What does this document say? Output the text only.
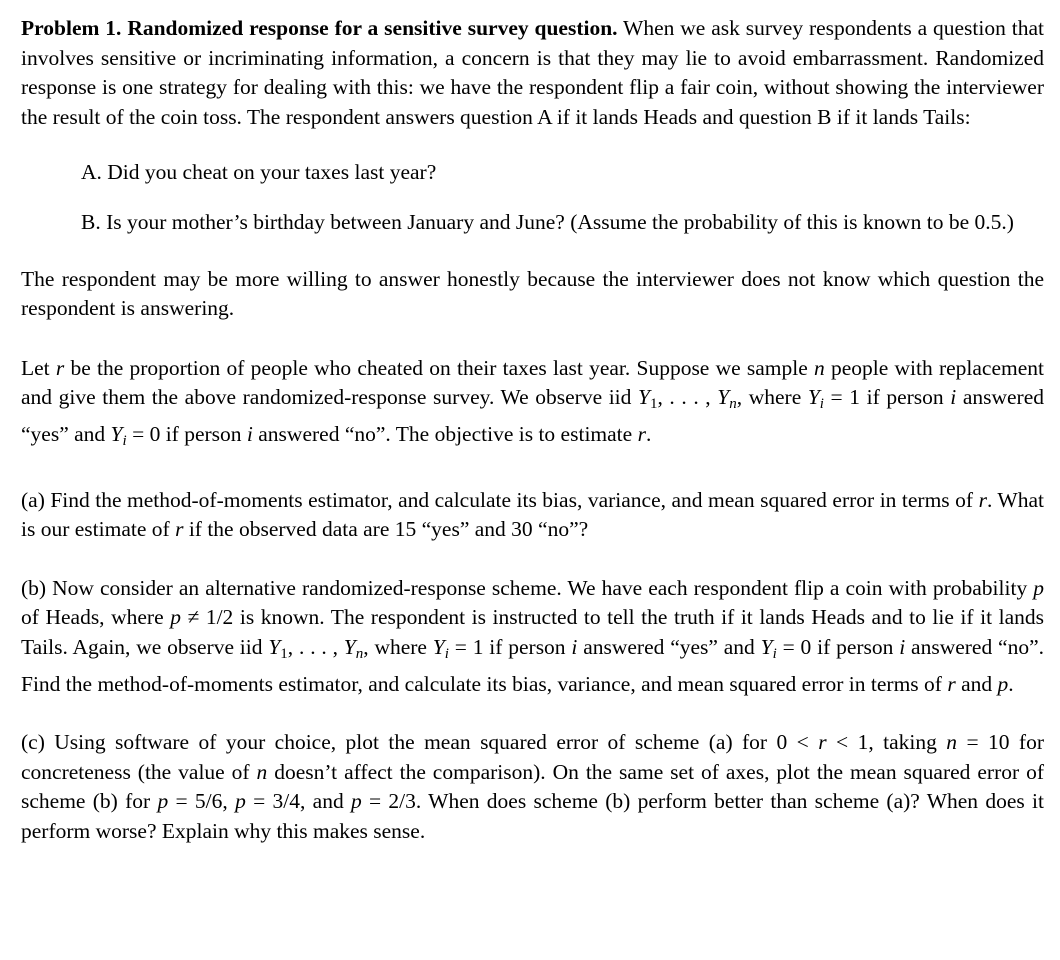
Problem 1. Randomized response for a sensitive survey question. When we ask survey respondents a question that involves sensitive or incriminating information, a concern is that they may lie to avoid embarrassment. Randomized response is one strategy for dealing with this: we have the respondent flip a fair coin, without showing the interviewer the result of the coin toss. The respondent answers question A if it lands Heads and question B if it lands Tails:

A. Did you cheat on your taxes last year?
B. Is your mother’s birthday between January and June? (Assume the probability of this is known to be 0.5.)

The respondent may be more willing to answer honestly because the interviewer does not know which question the respondent is answering.

Let r be the proportion of people who cheated on their taxes last year. Suppose we sample n people with replacement and give them the above randomized-response survey. We observe iid $Y_1$, . . . , $Y_n$, where $Y_i = 1$ if person i answered “yes” and $Y_i = 0$ if person i answered “no”. The objective is to estimate r.

(a) Find the method-of-moments estimator, and calculate its bias, variance, and mean squared error in terms of r. What is our estimate of r if the observed data are 15 “yes” and 30 “no”?

(b) Now consider an alternative randomized-response scheme. We have each respondent flip a coin with probability p of Heads, where p ≠ 1/2 is known. The respondent is instructed to tell the truth if it lands Heads and to lie if it lands Tails. Again, we observe iid $Y_1$, . . . , $Y_n$, where $Y_i = 1$ if person i answered “yes” and $Y_i = 0$ if person i answered “no”. Find the method-of-moments estimator, and calculate its bias, variance, and mean squared error in terms of r and p.

(c) Using software of your choice, plot the mean squared error of scheme (a) for 0 < r < 1, taking n = 10 for concreteness (the value of n doesn’t affect the comparison). On the same set of axes, plot the mean squared error of scheme (b) for p = 5/6, p = 3/4, and p = 2/3. When does scheme (b) perform better than scheme (a)? When does it perform worse? Explain why this makes sense.
